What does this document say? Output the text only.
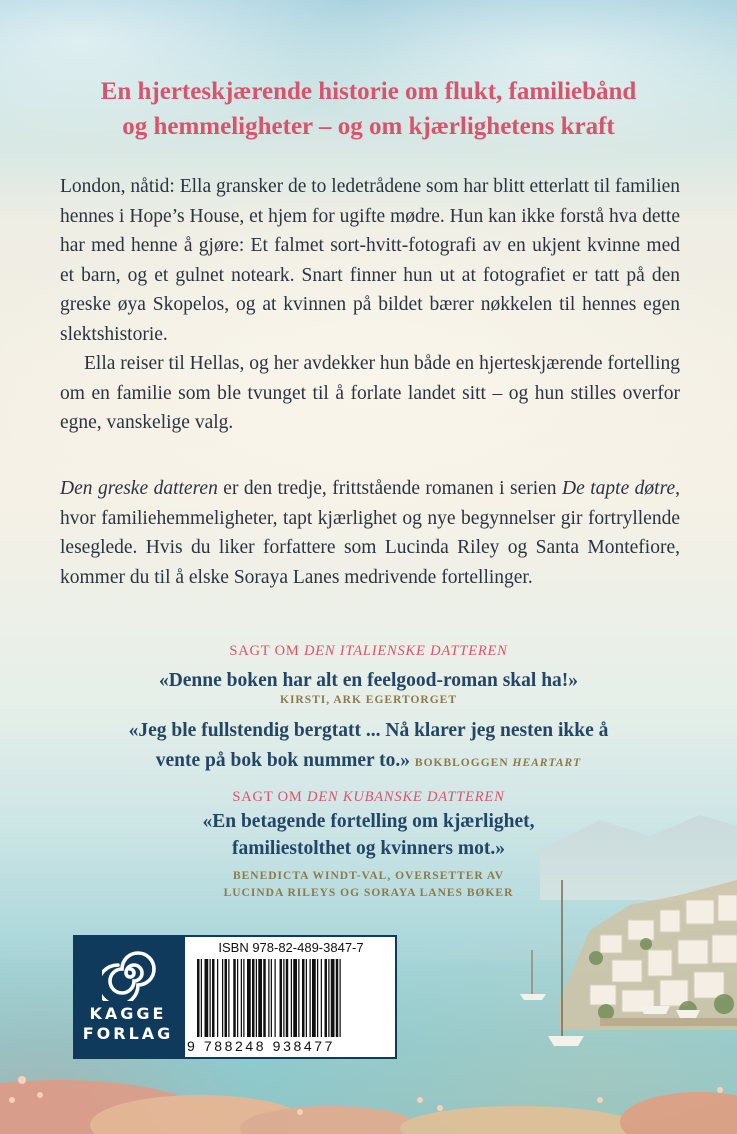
En hjerteskjærende historie om flukt, familiebånd
og hemmeligheter – og om kjærlighetens kraft

London, nåtid: Ella gransker de to ledetrådene som har blitt etterlatt til familien hennes i Hope’s House, et hjem for ugifte mødre. Hun kan ikke forstå hva dette har med henne å gjøre: Et falmet sort-hvitt-fotografi av en ukjent kvinne med et barn, og et gulnet noteark. Snart finner hun ut at fotografiet er tatt på den greske øya Skopelos, og at kvinnen på bildet bærer nøkkelen til hennes egen slektshistorie.

Ella reiser til Hellas, og her avdekker hun både en hjerteskjærende fortelling om en familie som ble tvunget til å forlate landet sitt – og hun stilles overfor egne, vanskelige valg.

Den greske datteren er den tredje, frittstående romanen i serien De tapte døtre, hvor familiehemmeligheter, tapt kjærlighet og nye begynnelser gir fortryllende leseglede. Hvis du liker forfattere som Lucinda Riley og Santa Montefiore, kommer du til å elske Soraya Lanes medrivende fortellinger.

SAGT OM DEN ITALIENSKE DATTEREN
«Denne boken har alt en feelgood-roman skal ha!»
KIRSTI, ARK EGERTORGET
«Jeg ble fullstendig bergtatt ... Nå klarer jeg nesten ikke å
vente på bok bok nummer to.» BOKBLOGGEN HEARTART
SAGT OM DEN KUBANSKE DATTEREN
«En betagende fortelling om kjærlighet,
familiestolthet og kvinners mot.»
BENEDICTA WINDT-VAL, OVERSETTER AV
LUCINDA RILEYS OG SORAYA LANES BØKER
KAGGE
FORLAG
ISBN 978-82-489-3847-7
9 788248 938477
